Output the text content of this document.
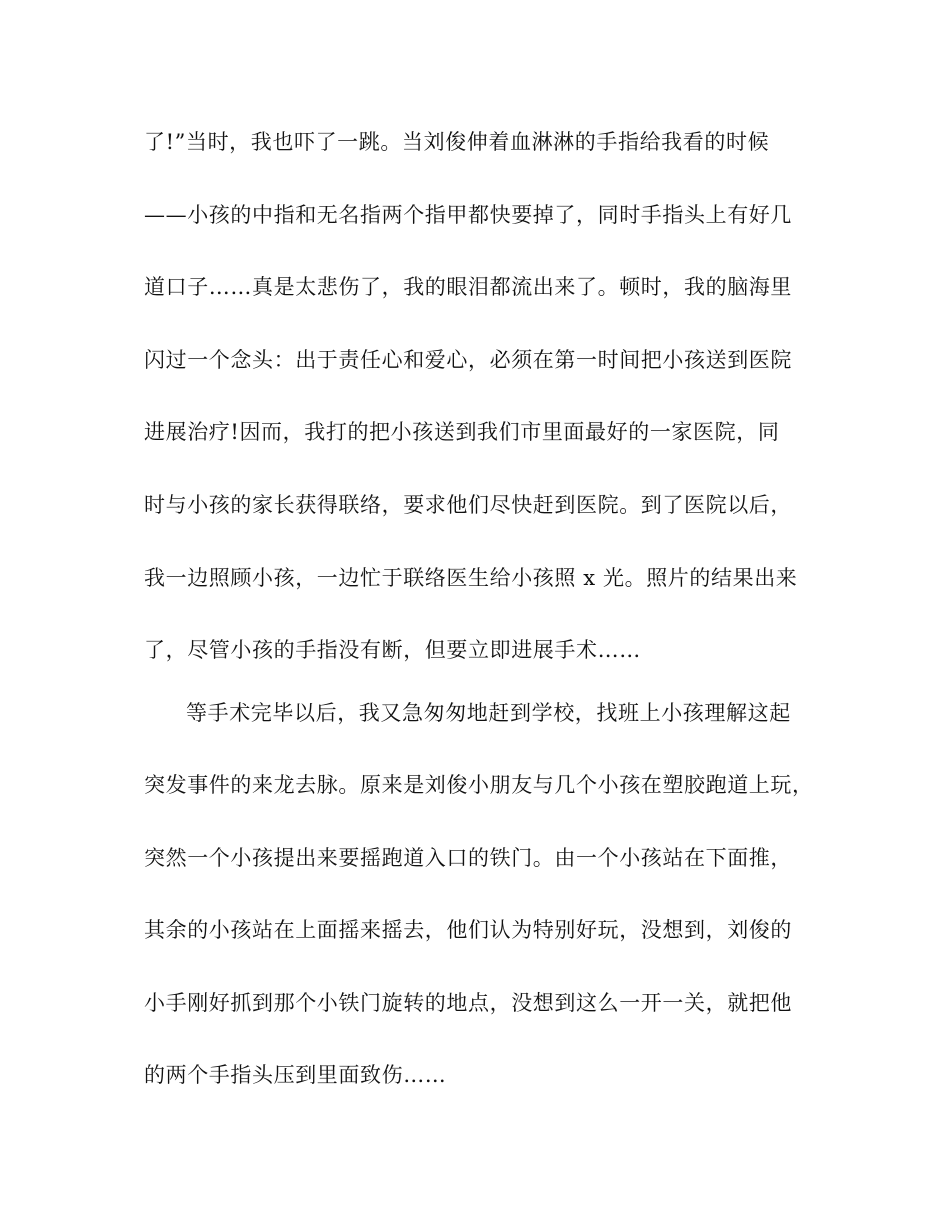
了!”当时，我也吓了一跳。当刘俊伸着血淋淋的手指给我看的时候
——小孩的中指和无名指两个指甲都快要掉了，同时手指头上有好几
道口子……真是太悲伤了，我的眼泪都流出来了。顿时，我的脑海里
闪过一个念头：出于责任心和爱心，必须在第一时间把小孩送到医院
进展治疗!因而，我打的把小孩送到我们市里面最好的一家医院，同
时与小孩的家长获得联络，要求他们尽快赶到医院。到了医院以后，
我一边照顾小孩，一边忙于联络医生给小孩照 x 光。照片的结果出来
了，尽管小孩的手指没有断，但要立即进展手术……
等手术完毕以后，我又急匆匆地赶到学校，找班上小孩理解这起
突发事件的来龙去脉。原来是刘俊小朋友与几个小孩在塑胶跑道上玩，
突然一个小孩提出来要摇跑道入口的铁门。由一个小孩站在下面推，
其余的小孩站在上面摇来摇去，他们认为特别好玩，没想到，刘俊的
小手刚好抓到那个小铁门旋转的地点，没想到这么一开一关，就把他
的两个手指头压到里面致伤……
